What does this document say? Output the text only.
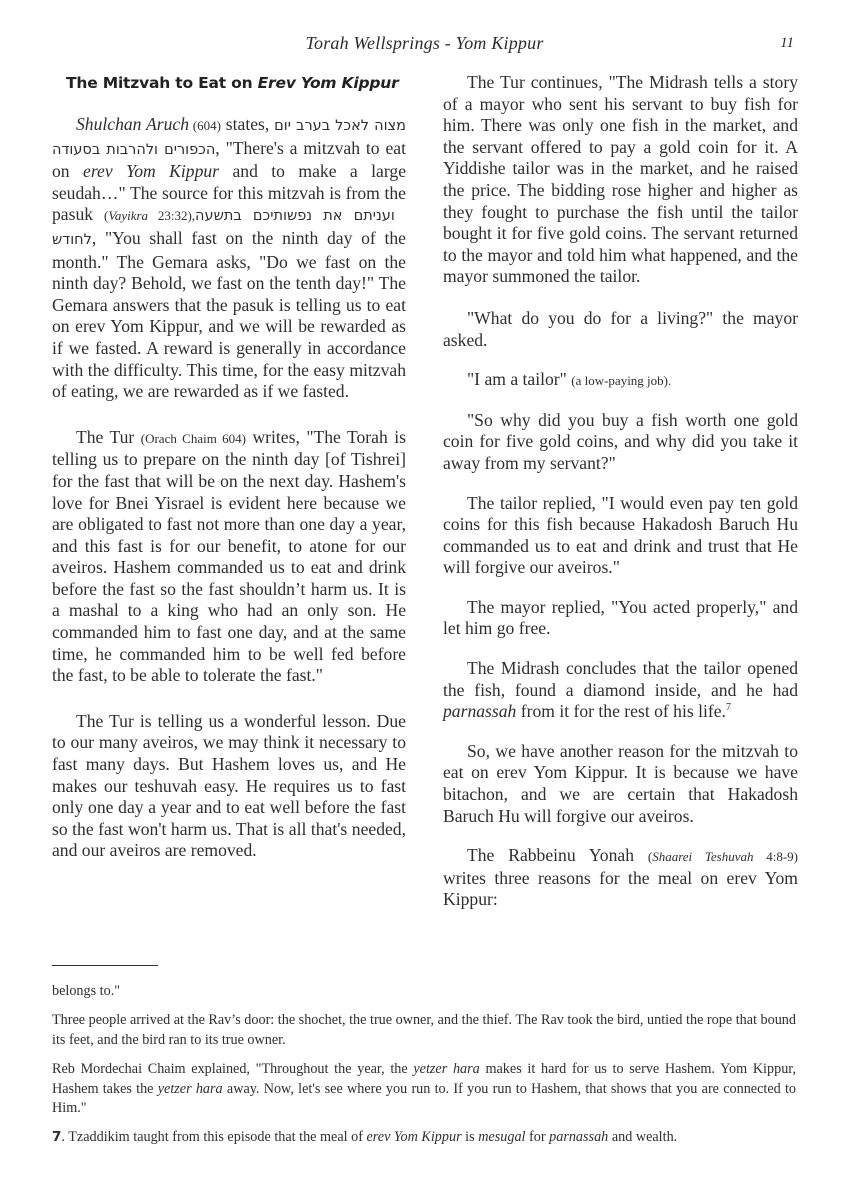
Torah Wellsprings - Yom Kippur	11
The Mitzvah to Eat on Erev Yom Kippur

Shulchan Aruch (604) states, מצוה לאכל בערב יום הכפורים ולהרבות בסעודה, "There's a mitzvah to eat on erev Yom Kippur and to make a large seudah…" The source for this mitzvah is from the pasuk (Vayikra 23:32), ועניתם את נפשותיכם בתשעה לחודש, "You shall fast on the ninth day of the month." The Gemara asks, "Do we fast on the ninth day? Behold, we fast on the tenth day!" The Gemara answers that the pasuk is telling us to eat on erev Yom Kippur, and we will be rewarded as if we fasted. A reward is generally in accordance with the difficulty. This time, for the easy mitzvah of eating, we are rewarded as if we fasted.

The Tur (Orach Chaim 604) writes, "The Torah is telling us to prepare on the ninth day [of Tishrei] for the fast that will be on the next day. Hashem's love for Bnei Yisrael is evident here because we are obligated to fast not more than one day a year, and this fast is for our benefit, to atone for our aveiros. Hashem commanded us to eat and drink before the fast so the fast shouldn’t harm us. It is a mashal to a king who had an only son. He commanded him to fast one day, and at the same time, he commanded him to be well fed before the fast, to be able to tolerate the fast."

The Tur is telling us a wonderful lesson. Due to our many aveiros, we may think it necessary to fast many days. But Hashem loves us, and He makes our teshuvah easy. He requires us to fast only one day a year and to eat well before the fast so the fast won't harm us. That is all that's needed, and our aveiros are removed.

The Tur continues, "The Midrash tells a story of a mayor who sent his servant to buy fish for him. There was only one fish in the market, and the servant offered to pay a gold coin for it. A Yiddishe tailor was in the market, and he raised the price. The bidding rose higher and higher as they fought to purchase the fish until the tailor bought it for five gold coins. The servant returned to the mayor and told him what happened, and the mayor summoned the tailor.

"What do you do for a living?" the mayor asked.

"I am a tailor" (a low-paying job).

"So why did you buy a fish worth one gold coin for five gold coins, and why did you take it away from my servant?"

The tailor replied, "I would even pay ten gold coins for this fish because Hakadosh Baruch Hu commanded us to eat and drink and trust that He will forgive our aveiros."

The mayor replied, "You acted properly," and let him go free.

The Midrash concludes that the tailor opened the fish, found a diamond inside, and he had parnassah from it for the rest of his life.$^7$

So, we have another reason for the mitzvah to eat on erev Yom Kippur. It is because we have bitachon, and we are certain that Hakadosh Baruch Hu will forgive our aveiros.

The Rabbeinu Yonah (Shaarei Teshuvah 4:8-9) writes three reasons for the meal on erev Yom Kippur:

belongs to."

Three people arrived at the Rav’s door: the shochet, the true owner, and the thief. The Rav took the bird, untied the rope that bound its feet, and the bird ran to its true owner.

Reb Mordechai Chaim explained, "Throughout the year, the yetzer hara makes it hard for us to serve Hashem. Yom Kippur, Hashem takes the yetzer hara away. Now, let's see where you run to. If you run to Hashem, that shows that you are connected to Him."

7. Tzaddikim taught from this episode that the meal of erev Yom Kippur is mesugal for parnassah and wealth.
